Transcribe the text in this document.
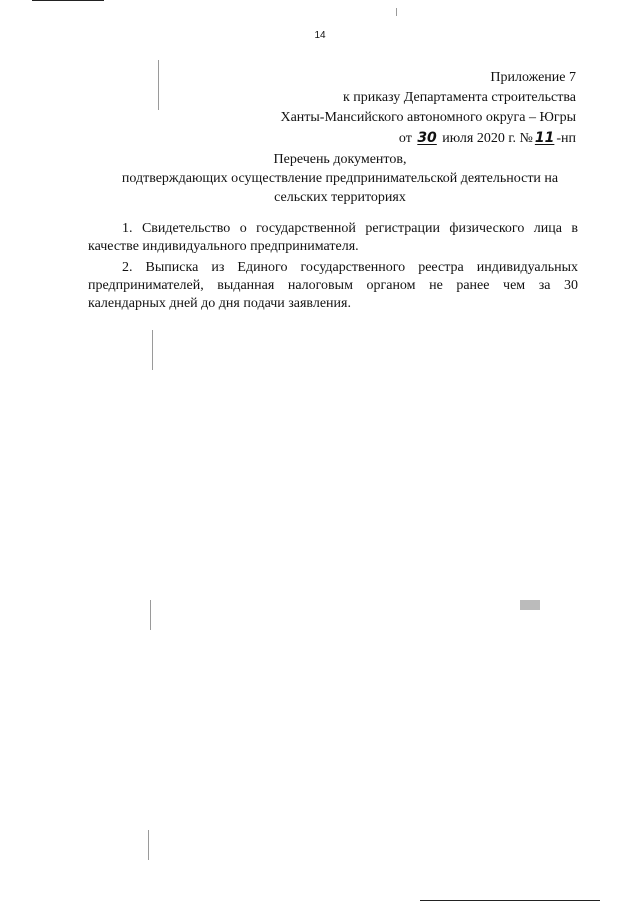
14
Приложение 7
к приказу Департамента строительства
Ханты-Мансийского автономного округа – Югры
от 30 июля 2020 г. № 11 -нп
Перечень документов,
подтверждающих осуществление предпринимательской деятельности на
сельских территориях

1. Свидетельство о государственной регистрации физического лица в качестве индивидуального предпринимателя.

2. Выписка из Единого государственного реестра индивидуальных предпринимателей, выданная налоговым органом не ранее чем за 30 календарных дней до дня подачи заявления.
